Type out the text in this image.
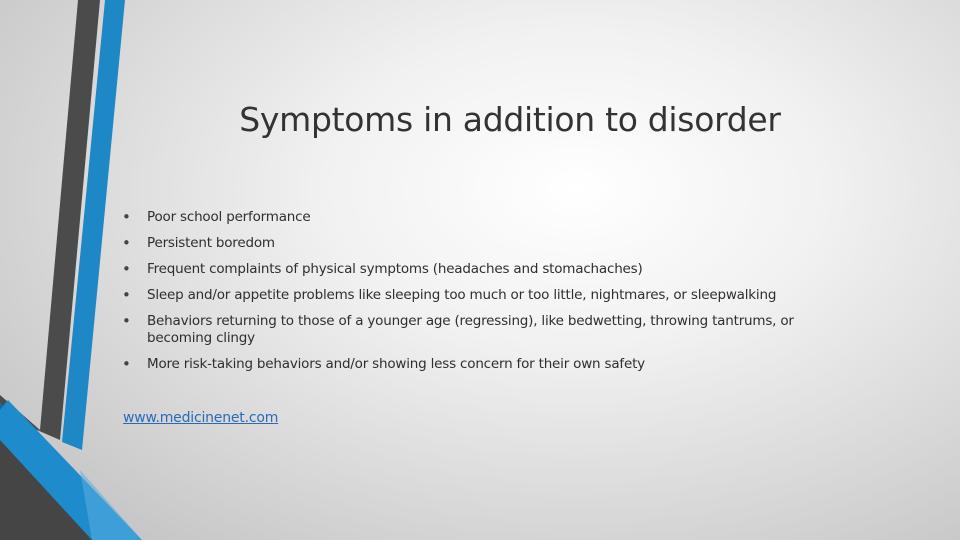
Symptoms in addition to disorder
• Poor school performance
• Persistent boredom
• Frequent complaints of physical symptoms (headaches and stomachaches)
• Sleep and/or appetite problems like sleeping too much or too little, nightmares, or sleepwalking
• Behaviors returning to those of a younger age (regressing), like bedwetting, throwing tantrums, or becoming clingy
• More risk-taking behaviors and/or showing less concern for their own safety
www.medicinenet.com
